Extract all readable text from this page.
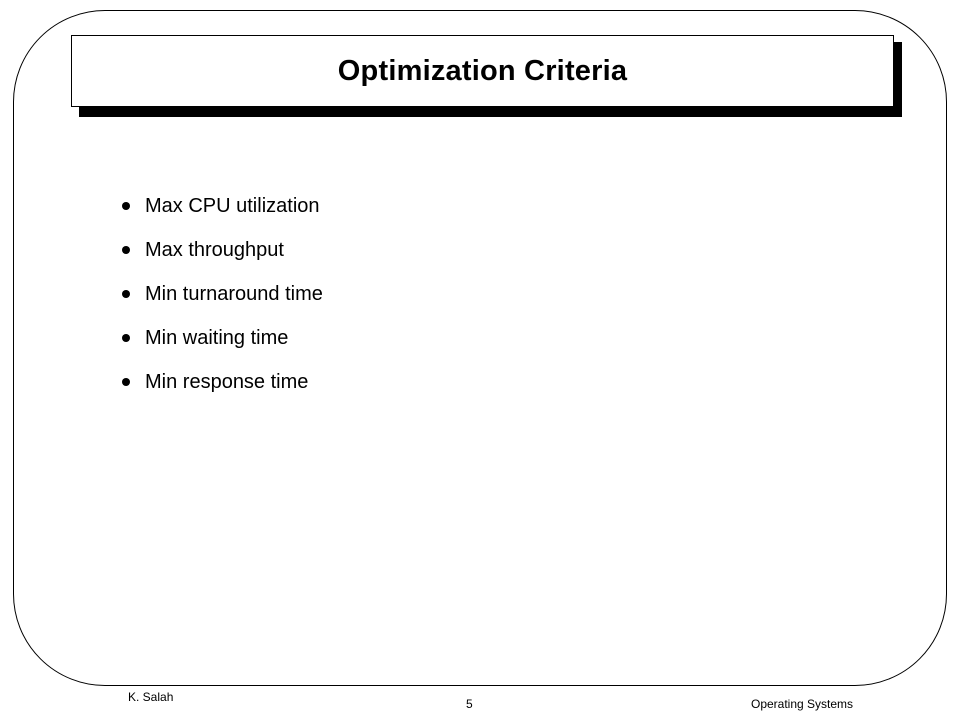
Optimization Criteria
Max CPU utilization
Max throughput
Min turnaround time
Min waiting time
Min response time
K. Salah	5	Operating Systems
